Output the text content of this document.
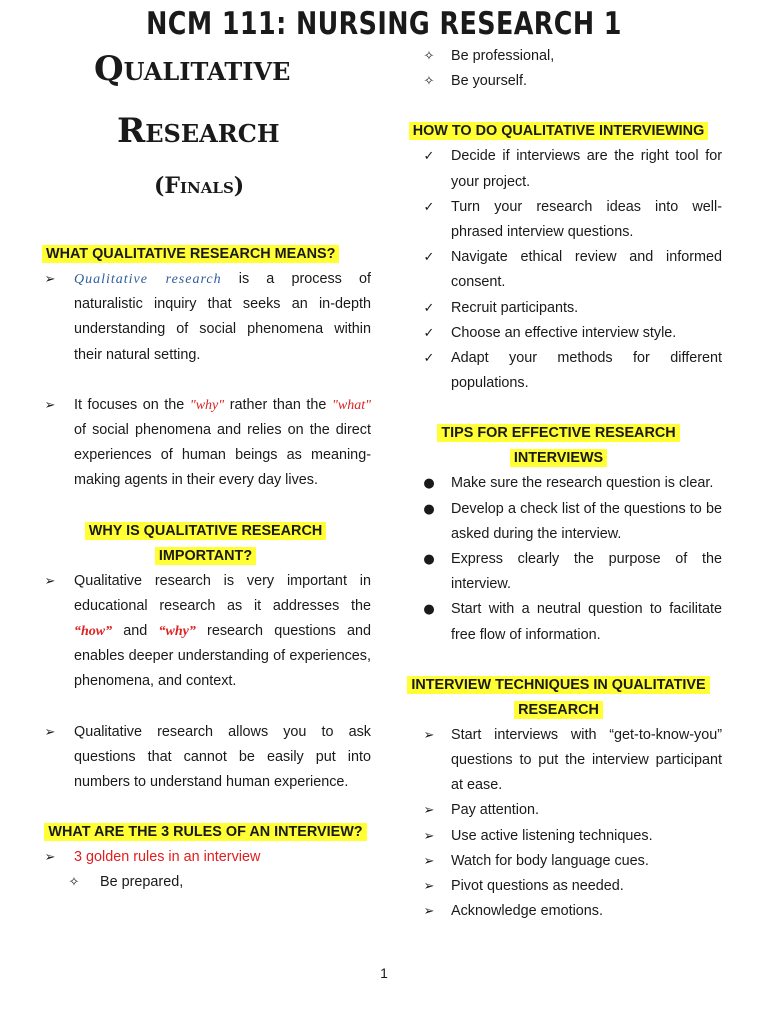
NCM 111: NURSING RESEARCH 1
Qualitative
Research
(Finals)
WHAT QUALITATIVE RESEARCH MEANS?
➢	Qualitative research is a process of naturalistic inquiry that seeks an in-depth understanding of social phenomena within their natural setting.
➢	It focuses on the "why" rather than the "what" of social phenomena and relies on the direct experiences of human beings as meaning-making agents in their every day lives.
WHY IS QUALITATIVE RESEARCH IMPORTANT?
➢	Qualitative research is very important in educational research as it addresses the “how” and “why” research questions and enables deeper understanding of experiences, phenomena, and context.
➢	Qualitative research allows you to ask questions that cannot be easily put into numbers to understand human experience.
WHAT ARE THE 3 RULES OF AN INTERVIEW?
➢	3 golden rules in an interview
✧	Be prepared,
✧	Be professional,
✧	Be yourself.
HOW TO DO QUALITATIVE INTERVIEWING
✓	Decide if interviews are the right tool for your project.
✓	Turn your research ideas into well-phrased interview questions.
✓	Navigate ethical review and informed consent.
✓	Recruit participants.
✓	Choose an effective interview style.
✓	Adapt your methods for different populations.
TIPS FOR EFFECTIVE RESEARCH INTERVIEWS
●	Make sure the research question is clear.
●	Develop a check list of the questions to be asked during the interview.
●	Express clearly the purpose of the interview.
●	Start with a neutral question to facilitate free flow of information.
INTERVIEW TECHNIQUES IN QUALITATIVE RESEARCH
➢	Start interviews with “get-to-know-you” questions to put the interview participant at ease.
➢	Pay attention.
➢	Use active listening techniques.
➢	Watch for body language cues.
➢	Pivot questions as needed.
➢	Acknowledge emotions.
1
